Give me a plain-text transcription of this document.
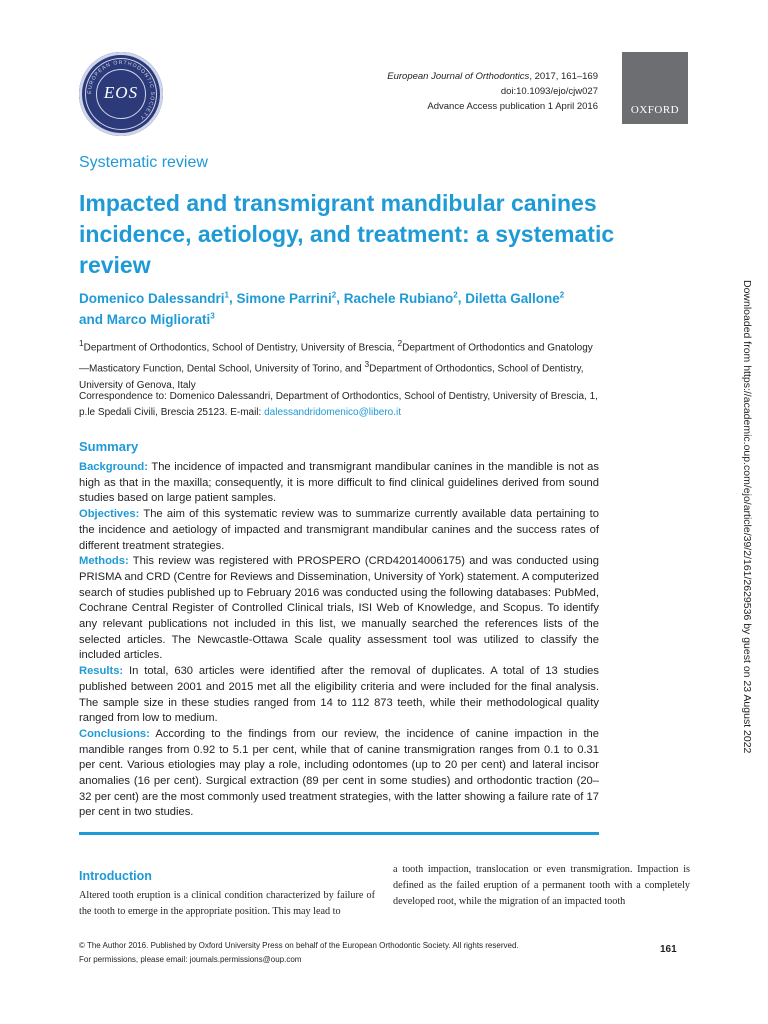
EUROPEAN ORTHODONTIC SOCIETY
EOS
European Journal of Orthodontics, 2017, 161–169
doi:10.1093/ejo/cjw027
Advance Access publication 1 April 2016	OXFORD
Systematic review
Impacted and transmigrant mandibular canines incidence, aetiology, and treatment: a systematic review
Domenico Dalessandri$^1$, Simone Parrini$^2$, Rachele Rubiano$^2$, Diletta Gallone$^2$
and Marco Migliorati$^3$
$^1$Department of Orthodontics, School of Dentistry, University of Brescia, $^2$Department of Orthodontics and Gnatology—Masticatory Function, Dental School, University of Torino, and $^3$Department of Orthodontics, School of Dentistry, University of Genova, Italy
Correspondence to: Domenico Dalessandri, Department of Orthodontics, School of Dentistry, University of Brescia, 1, p.le Spedali Civili, Brescia 25123. E-mail: dalessandridomenico@libero.it
Summary

Background: The incidence of impacted and transmigrant mandibular canines in the mandible is not as high as that in the maxilla; consequently, it is more difficult to find clinical guidelines derived from sound studies based on large patient samples.

Objectives: The aim of this systematic review was to summarize currently available data pertaining to the incidence and aetiology of impacted and transmigrant mandibular canines and the success rates of different treatment strategies.

Methods: This review was registered with PROSPERO (CRD42014006175) and was conducted using PRISMA and CRD (Centre for Reviews and Dissemination, University of York) statement. A computerized search of studies published up to February 2016 was conducted using the following databases: PubMed, Cochrane Central Register of Controlled Clinical trials, ISI Web of Knowledge, and Scopus. To identify any relevant publications not included in this list, we manually searched the references lists of the selected articles. The Newcastle-Ottawa Scale quality assessment tool was utilized to classify the included articles.

Results: In total, 630 articles were identified after the removal of duplicates. A total of 13 studies published between 2001 and 2015 met all the eligibility criteria and were included for the final analysis. The sample size in these studies ranged from 14 to 112 873 teeth, while their methodological quality ranged from low to medium.

Conclusions: According to the findings from our review, the incidence of canine impaction in the mandible ranges from 0.92 to 5.1 per cent, while that of canine transmigration ranges from 0.1 to 0.31 per cent. Various etiologies may play a role, including odontomes (up to 20 per cent) and lateral incisor anomalies (16 per cent). Surgical extraction (89 per cent in some studies) and orthodontic traction (20–32 per cent) are the most commonly used treatment strategies, with the latter showing a failure rate of 17 per cent in two studies.

Introduction
Altered tooth eruption is a clinical condition characterized by failure of the tooth to emerge in the appropriate position. This may lead to
a tooth impaction, translocation or even transmigration. Impaction is defined as the failed eruption of a permanent tooth with a completely developed root, while the migration of an impacted tooth
© The Author 2016. Published by Oxford University Press on behalf of the European Orthodontic Society. All rights reserved.
For permissions, please email: journals.permissions@oup.com
161
Downloaded from https://academic.oup.com/ejo/article/39/2/161/2629536 by guest on 23 August 2022
